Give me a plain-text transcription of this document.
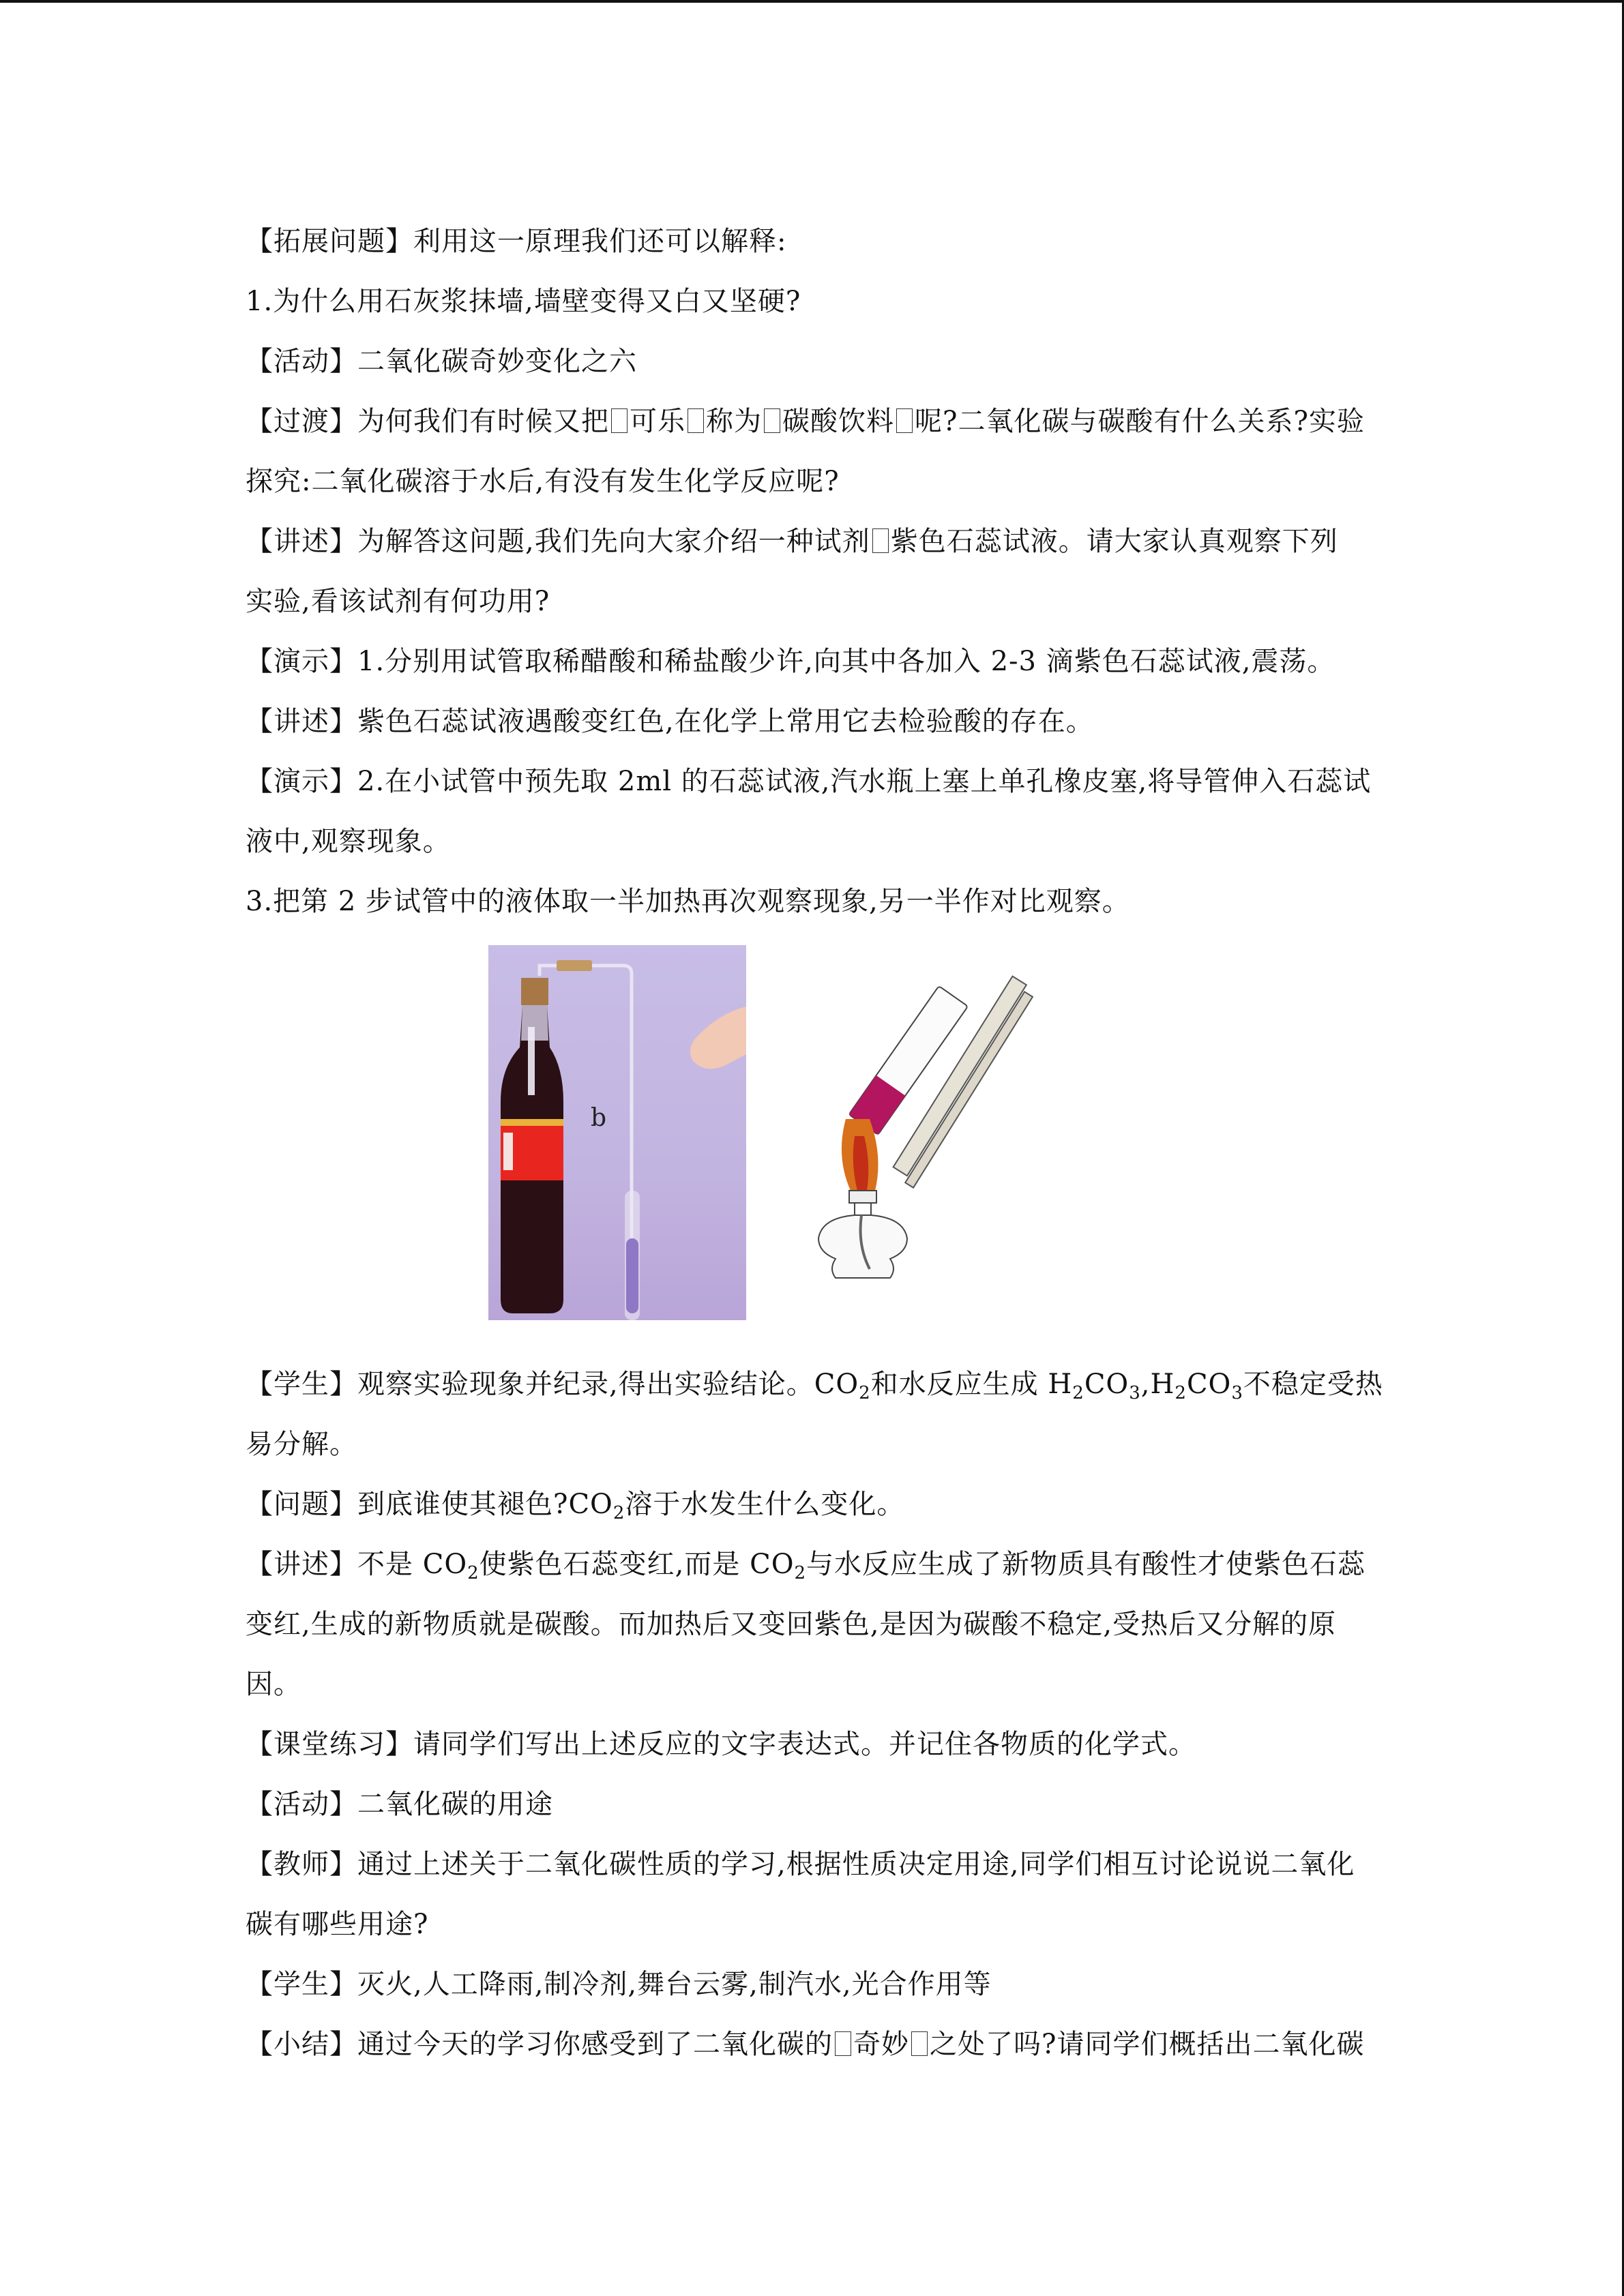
【拓展问题】利用这一原理我们还可以解释:
1.为什么用石灰浆抹墙,墙壁变得又白又坚硬?
【活动】二氧化碳奇妙变化之六
【过渡】为何我们有时候又把 可乐 称为 碳酸饮料 呢?二氧化碳与碳酸有什么关系?实验
探究:二氧化碳溶于水后,有没有发生化学反应呢?
【讲述】为解答这问题,我们先向大家介绍一种试剂 紫色石蕊试液。请大家认真观察下列
实验,看该试剂有何功用?
【演示】1.分别用试管取稀醋酸和稀盐酸少许,向其中各加入 2-3 滴紫色石蕊试液,震荡。
【讲述】紫色石蕊试液遇酸变红色,在化学上常用它去检验酸的存在。
【演示】2.在小试管中预先取 2ml 的石蕊试液,汽水瓶上塞上单孔橡皮塞,将导管伸入石蕊试
液中,观察现象。
3.把第 2 步试管中的液体取一半加热再次观察现象,另一半作对比观察。
b
【学生】观察实验现象并纪录,得出实验结论。$CO_2$和水反应生成 $H_2CO_3,H_2CO_3$不稳定受热
易分解。
【问题】到底谁使其褪色$?CO_2$溶于水发生什么变化。
【讲述】不是 $CO_2$使紫色石蕊变红,而是 $CO_2$与水反应生成了新物质具有酸性才使紫色石蕊
变红,生成的新物质就是碳酸。而加热后又变回紫色,是因为碳酸不稳定,受热后又分解的原
因。
【课堂练习】请同学们写出上述反应的文字表达式。并记住各物质的化学式。
【活动】二氧化碳的用途
【教师】通过上述关于二氧化碳性质的学习,根据性质决定用途,同学们相互讨论说说二氧化
碳有哪些用途?
【学生】灭火,人工降雨,制冷剂,舞台云雾,制汽水,光合作用等
【小结】通过今天的学习你感受到了二氧化碳的 奇妙 之处了吗?请同学们概括出二氧化碳
